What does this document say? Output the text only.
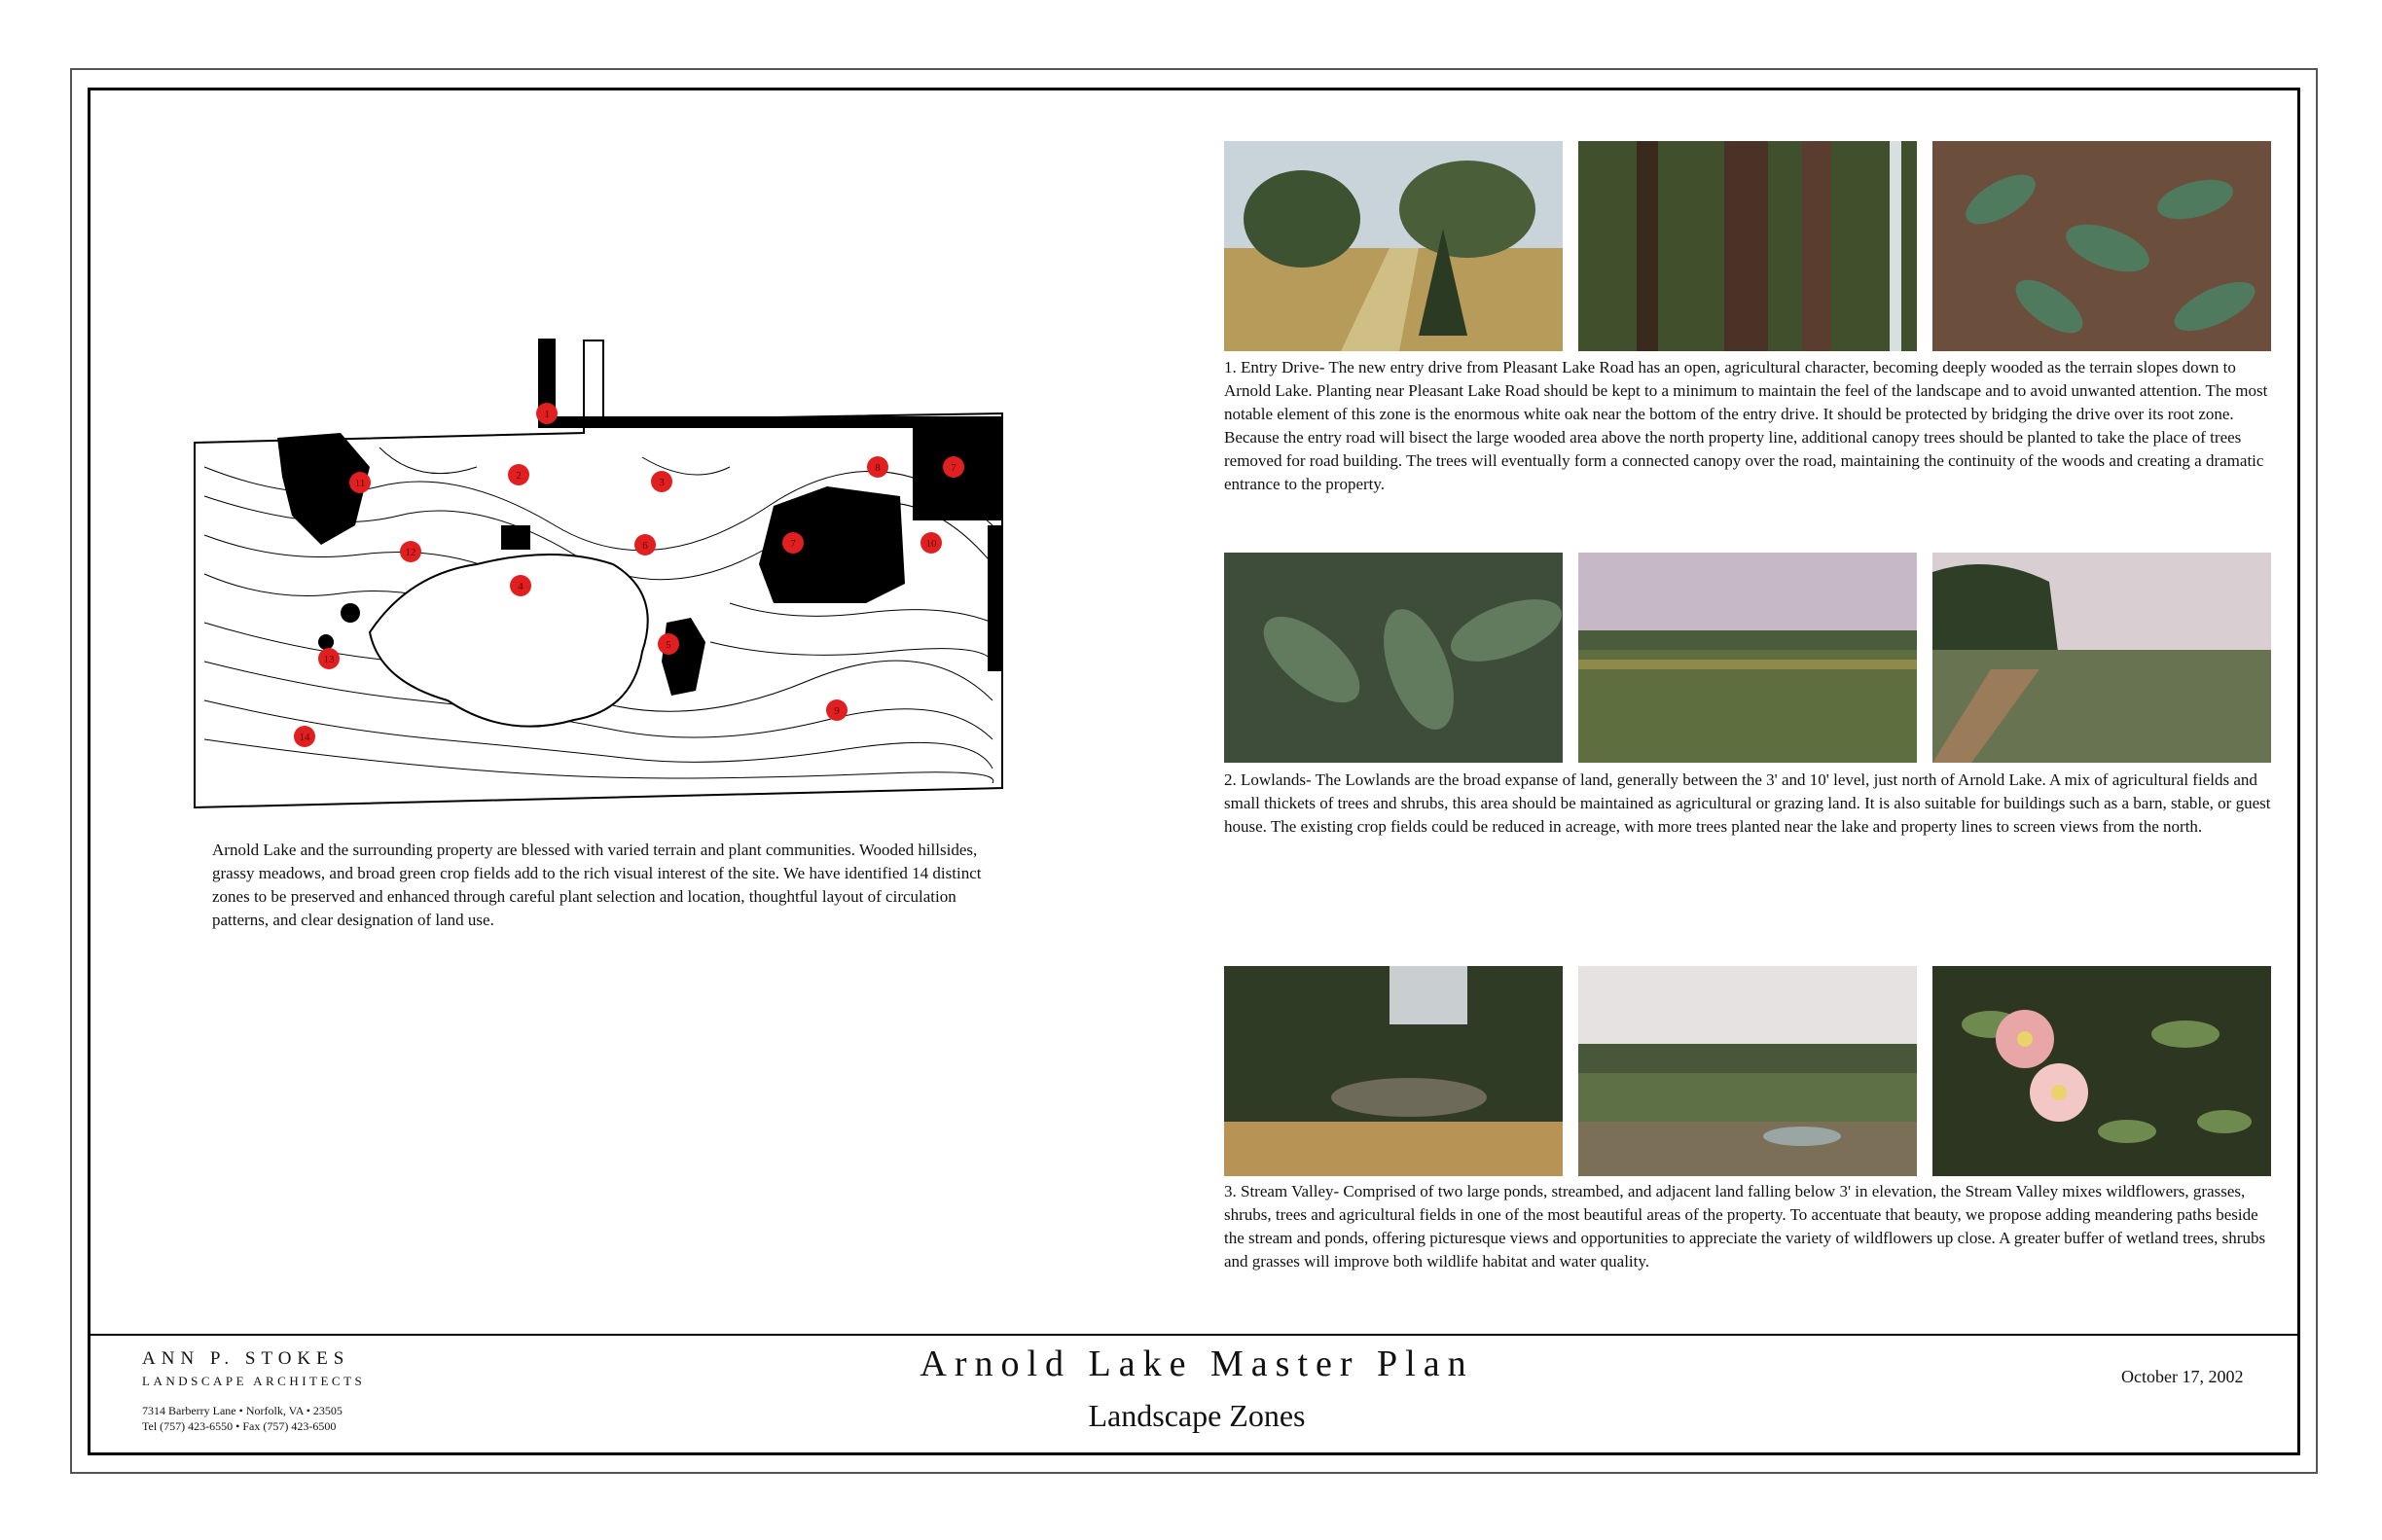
1
2
3
4
5
6	7
7
8
9
10
11
12
13
14
Arnold Lake and the surrounding property are blessed with varied terrain and plant communities. Wooded hillsides, grassy meadows, and broad green crop fields add to the rich visual interest of the site. We have identified 14 distinct zones to be preserved and enhanced through careful plant selection and location, thoughtful layout of circulation patterns, and clear designation of land use.
1. Entry Drive- The new entry drive from Pleasant Lake Road has an open, agricultural character, becoming deeply wooded as the terrain slopes down to Arnold Lake. Planting near Pleasant Lake Road should be kept to a minimum to maintain the feel of the landscape and to avoid unwanted attention. The most notable element of this zone is the enormous white oak near the bottom of the entry drive. It should be protected by bridging the drive over its root zone. Because the entry road will bisect the large wooded area above the north property line, additional canopy trees should be planted to take the place of trees removed for road building. The trees will eventually form a connected canopy over the road, maintaining the continuity of the woods and creating a dramatic entrance to the property.
2. Lowlands- The Lowlands are the broad expanse of land, generally between the 3' and 10' level, just north of Arnold Lake. A mix of agricultural fields and small thickets of trees and shrubs, this area should be maintained as agricultural or grazing land. It is also suitable for buildings such as a barn, stable, or guest house. The existing crop fields could be reduced in acreage, with more trees planted near the lake and property lines to screen views from the north.
3. Stream Valley- Comprised of two large ponds, streambed, and adjacent land falling below 3' in elevation, the Stream Valley mixes wildflowers, grasses, shrubs, trees and agricultural fields in one of the most beautiful areas of the property. To accentuate that beauty, we propose adding meandering paths beside the stream and ponds, offering picturesque views and opportunities to appreciate the variety of wildflowers up close. A greater buffer of wetland trees, shrubs and grasses will improve both wildlife habitat and water quality.
ANN P. STOKES
LANDSCAPE ARCHITECTS
7314 Barberry Lane • Norfolk, VA • 23505
Tel (757) 423-6550 • Fax (757) 423-6500
Arnold Lake Master Plan
Landscape Zones
October 17, 2002
